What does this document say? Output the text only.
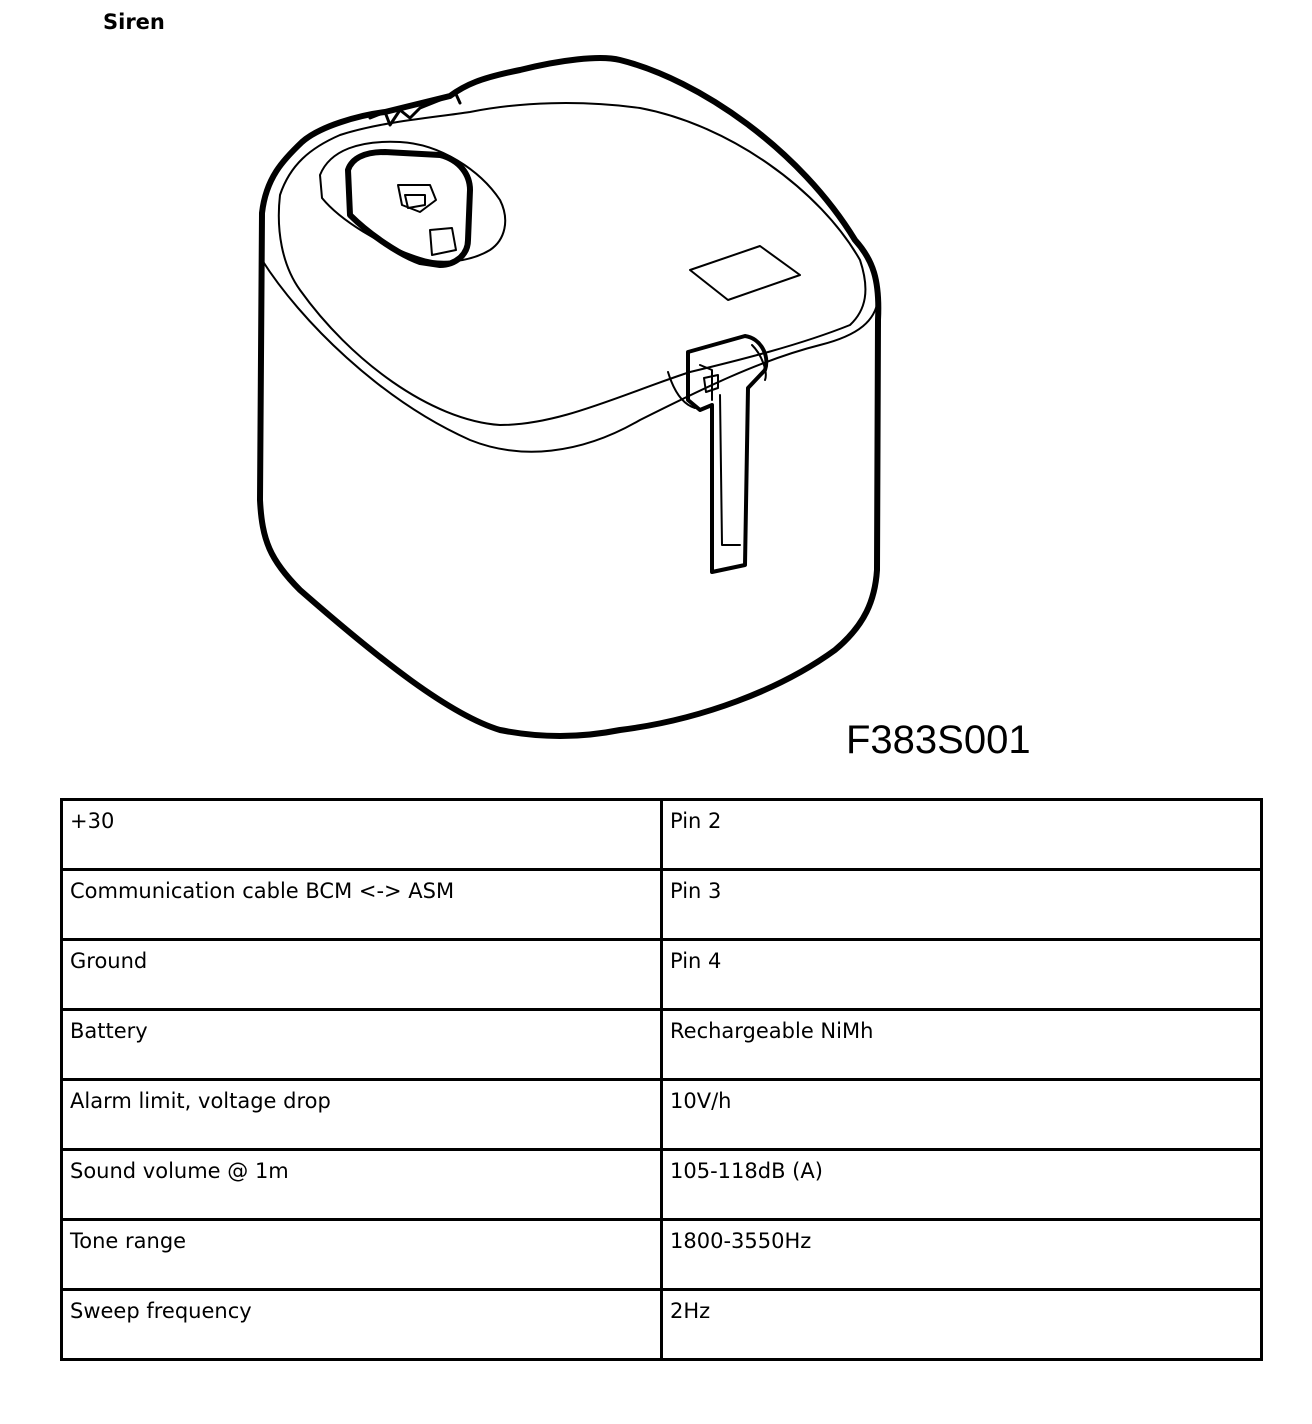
Siren
F383S001
+30	Pin 2
Communication cable BCM <-> ASM	Pin 3
Ground	Pin 4
Battery	Rechargeable NiMh
Alarm limit, voltage drop	10V/h
Sound volume @ 1m	105-118dB (A)
Tone range	1800-3550Hz
Sweep frequency	2Hz
